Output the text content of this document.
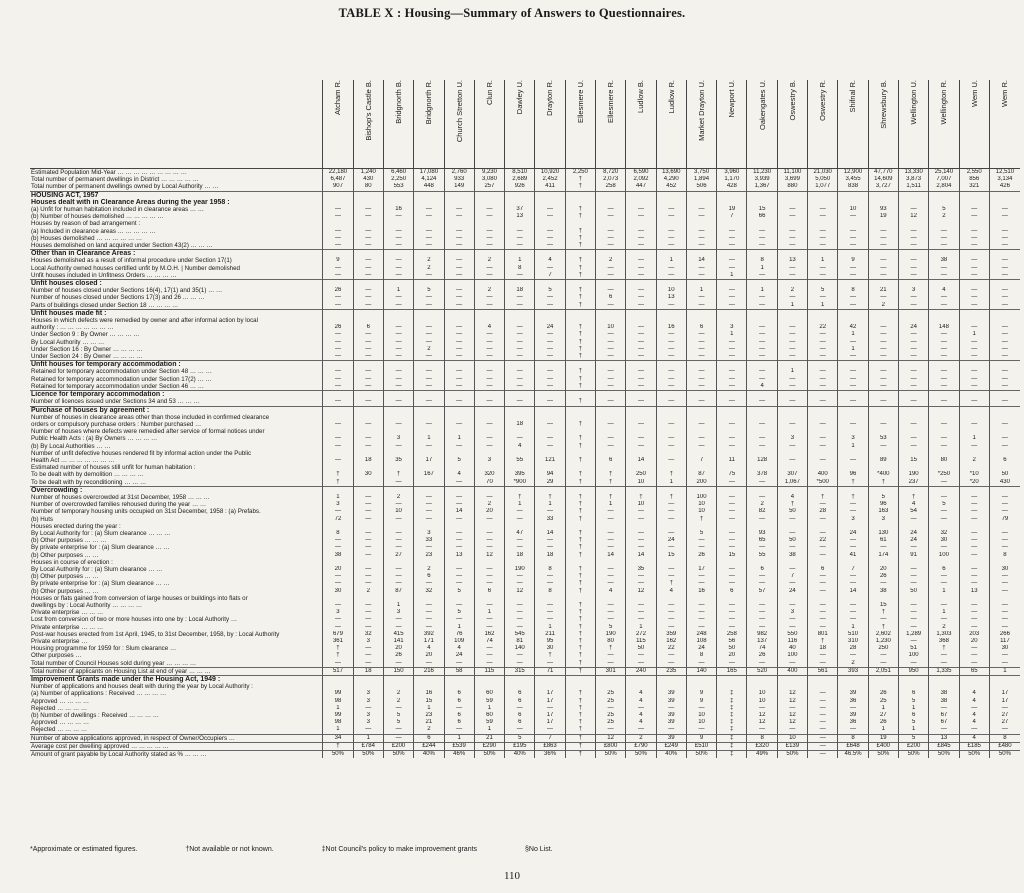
TABLE X : Housing—Summary of Answers to Questionnaires.
	Atcham R.	Bishop's Castle B.	Bridgnorth B.	Bridgnorth R.	Church Stretton U.	Clun R.	Dawley U.	Drayton R.	Ellesmere U.	Ellesmere R.	Ludlow B.	Ludlow R.	Market Drayton U.	Newport U.	Oakengates U.	Oswestry B.	Oswestry R.	Shifnal R.	Shrewsbury B.	Wellington U.	Wellington R.	Wem U.	Wem R.
Estimated Population Mid-Year … … … … … … … … …	22,180	1,240	6,460	17,080	2,760	9,230	8,510	10,920	2,250	8,720	6,590	13,690	3,750	3,960	11,230	11,100	21,030	12,900	47,770	13,330	25,140	2,550	12,510
Total number of permanent dwellings in District … … … … …	6,487	430	2,250	4,124	933	3,080	2,689	2,452	†	2,073	2,092	4,290	1,894	1,170	3,939	3,699	5,050	3,455	14,609	3,873	7,007	856	3,134
Total number of permanent dwellings owned by Local Authority … …	907	80	553	448	149	257	926	411	†	258	447	452	506	428	1,367	880	1,077	838	3,727	1,511	2,804	321	426
HOUSING ACT, 1957																							
Houses dealt with in Clearance Areas during the year 1958 :																							
(a) Unfit for human habitation included in clearance areas … …	—	—	16	—	—	—	37	—	†	—	—	—	—	19	15	—	—	10	93	—	5	—	—
(b) Number of houses demolished … … … … …	—	—	—	—	—	—	13	—	†	—	—	—	—	7	66	—	—	—	19	12	2	—	—
Houses by reason of bad arrangement :																							
(a) Included in clearance areas … … … … …	—	—	—	—	—	—	—	—	†	—	—	—	—	—	—	—	—	—	—	—	—	—	—
(b) Houses demolished … … … … … …	—	—	—	—	—	—	—	—	†	—	—	—	—	—	—	—	—	—	—	—	—	—	—
Houses demolished on land acquired under Section 43(2) … … …	—	—	—	—	—	—	—	—	†	—	—	—	—	—	—	—	—	—	—	—	—	—	—
Other than in Clearance Areas :																							
Houses demolished as a result of informal procedure under Section 17(1)	9	—	—	2	—	2	1	4	†	2	—	1	14	—	8	13	1	9	—	—	38	—	—
Local Authority owned houses certified unfit by M.O.H. | Number demolished	—	—	—	2	—	—	8	—	†	—	—	—	—	—	1	—	—	—	—	—	—	—	—
Unfit houses included in Unfitness Orders … … … …	—	—	—	—	—	—	—	7	†	—	—	—	—	1	—	—	—	—	—	—	—	—	—
Unfit houses closed :																							
Number of houses closed under Sections 16(4), 17(1) and 35(1) … …	26	—	1	5	—	2	18	5	†	—	—	10	1	—	1	2	5	8	21	3	4	—	—
Number of houses closed under Sections 17(3) and 26 … … …	—	—	—	—	—	—	—	—	†	6	—	13	—	—	—	—	—	—	—	—	—	—	—
Parts of buildings closed under Section 18 … … … …	—	—	—	—	—	—	—	—	†	—	—	—	—	—	—	1	1	—	2	—	—	—	—
Unfit houses made fit :																							
Houses in which defects were remedied by owner and after informal action by local																							
authority : … … … … … … …	26	6	—	—	—	4	—	24	†	10	—	16	6	3	—	—	22	42	—	24	148	—	—
Under Section 9 : By Owner … … … …	—	—	—	—	—	—	—	—	†	—	—	—	—	1	—	—	—	1	—	—	—	1	—
By Local Authority … … …	—	—	—	—	—	—	—	—	†	—	—	—	—	—	—	—	—	—	—	—	—	—	—
Under Section 16 : By Owner … … … …	—	—	—	2	—	—	—	—	†	—	—	—	—	—	—	—	—	1	—	—	—	—	—
Under Section 24 : By Owner … … … …	—	—	—	—	—	—	—	—	†	—	—	—	—	—	—	—	—	—	—	—	—	—	—
Unfit houses for temporary accommodation :																							
Retained for temporary accommodation under Section 48 … … …	—	—	—	—	—	—	—	—	†	—	—	—	—	—	—	1	—	—	—	—	—	—	—
Retained for temporary accommodation under Section 17(2) … …	—	—	—	—	—	—	—	—	†	—	—	—	—	—	—	—	—	—	—	—	—	—	—
Retained for temporary accommodation under Section 46 … …	—	—	—	—	—	—	—	—	†	—	—	—	—	—	4	—	—	—	—	—	—	—	—
Licence for temporary accommodation :																							
Number of licences issued under Sections 34 and 53 … … …	—	—	—	—	—	—	—	—	†	—	—	—	—	—	—	—	—	—	—	—	—	—	—
Purchase of houses by agreement :																							
Number of houses in clearance areas other than those included in confirmed clearance																							
orders or compulsory purchase orders : Number purchased …	—	—	—	—	—	—	18	—	†	—	—	—	—	—	—	—	—	—	—	—	—	—	—
Number of houses where defects were remedied after service of formal notices under																							
Public Health Acts : (a) By Owners … … … …	—	—	3	1	1	—	—	—	†	—	—	—	—	—	—	3	—	3	53	—	—	1	—
(b) By Local Authorities … …	—	—	—	—	—	—	4	—	†	—	—	—	—	—	—	—	—	1	—	—	—	—	—
Number of unfit defective houses rendered fit by informal action under the Public																							
Health Act … … … … … … …	—	18	35	17	5	3	55	121	†	6	14	—	7	11	128	—	—	—	89	15	80	2	6
Estimated number of houses still unfit for human habitation :																							
To be dealt with by demolition … … … …	†	30	†	167	4	320	395	94	†	†	250	†	87	75	378	307	400	96	*400	190	*250	*10	50
To be dealt with by reconditioning … … …	†		—		—	70	*900	29	†	†	10	1	200	—	—	1,067	*500	†	†	237	—	*20	430
Overcrowding :																							
Number of houses overcrowded at 31st December, 1958 … … …	1	—	2	—	—	—	†	†	†	†	†	†	100	—	—	4	†	†	5	†	—	—	—
Number of overcrowded families rehoused during the year … …	3	—	—	—	—	2	1	1	†	1	10	—	10	—	2	†	—	—	96	4	5	—	—
Number of temporary housing units occupied on 31st December, 1958 : (a) Prefabs.	—	—	10	—	14	20	—	—	†	—	—	—	10	—	82	50	28	—	163	54	—	—	—
(b) Huts	72	—	—	—	—	—	—	33	†	—	—	—	†	—	—	—	—	3	3	—	—	—	79
Houses erected during the year :																							
By Local Authority for : (a) Slum clearance … … …	8	—	—	3	—	—	47	14	†	—	—	—	5	—	93	—	—	24	130	24	32	—	—
(b) Other purposes … … …	—	—	—	33	—	—	—	—	†	—	—	24	—	—	65	50	22	—	61	24	30	—	—
By private enterprise for : (a) Slum clearance … …	—	—	—	—	—	—	—	—	†	—	—	—	—	—	—	—	—	—	—	—	—	—	—
(b) Other purposes … …	38	—	27	23	13	12	18	18	†	14	14	15	26	15	55	38	—	41	174	91	100	—	8
Houses in course of erection :																							
By Local Authority for : (a) Slum clearance … …	20	—	—	2	—	—	190	8	†	—	35	—	17	—	6	—	6	7	20	—	6	—	30
(b) Other purposes … …	—	—	—	6	—	—	—	—	†	—	—	—	—	—	—	7	—	—	26	—	—	—	—
By private enterprise for : (a) Slum clearance … …	—	—	—	—	—	—	—	—	†	—	—	†	—	—	—	—	—	—	—	—	—	—	—
(b) Other purposes … …	30	2	87	32	5	6	12	8	†	4	12	4	16	6	57	24	—	14	38	50	1	13	—
Houses or flats gained from conversion of large houses or buildings into flats or																							
dwellings by : Local Authority … … … …	—	—	1	—	—	—	—	—	†	—	—	—	—	—	—	—	—	—	15	—	—	—	—
Private enterprise … … …	3	—	3	—	5	1	—	—	†	—	—	—	—	—	—	3	—	—	†	—	1	—	—
Lost from conversion of two or more houses into one by : Local Authority …	—	—	—	—	—	—	—	—	†	—	—	—	—	—	—	—	—	—	—	—	—	—	—
Private enterprise … … …	—	—	—	—	1	—	—	1	†	5	1	—	—	—	—	—	—	1	†	—	2	—	—
Post-war houses erected from 1st April, 1945, to 31st December, 1958, by : Local Authority	679	32	415	392	76	162	545	211	†	190	272	359	248	258	982	550	801	510	2,602	1,289	1,303	203	266
Private enterprise …	361	3	141	171	109	74	81	95	†	80	115	162	108	56	137	116	†	310	1,230	—	368	20	117
Housing programme for 1959 for : Slum clearance …	†	—	20	4	4	—	140	30	†	†	50	22	24	50	74	40	18	28	250	51	†	—	30
Other purposes …	†	—	26	20	24	—	—	†	†	—	—	—	8	20	26	100	—	—	—	100	—	—	—
Total number of Council Houses sold during year … … … …	—	—	—	—	—	—	—	—	†	—	—	—	—	—	—	—	—	2	—	—	—	—	—
Total number of applicants on Housing List at end of year … … …	517	18	150	216	58	115	315	71	†	301	240	235	140	165	520	400	561	393	2,051	950	1,335	65	1
Improvement Grants made under the Housing Act, 1949 :																							
Number of applications and houses dealt with during the year by Local Authority :																							
(a) Number of applications : Received … … … …	99	3	2	16	6	60	6	17	†	25	4	39	9	‡	10	12	—	39	26	6	38	4	17
Approved … … … …	98	3	2	15	6	59	6	17	†	25	4	39	9	‡	10	12	—	36	25	5	38	4	17
Rejected … … … …	1	—	—	1	—	1	—	—	†	—	—	—	—	‡	—	—	—	—	1	1	—	—	—
(b) Number of dwellings : Received … … … …	99	3	5	23	6	60	6	17	†	25	4	39	10	‡	12	12	—	39	27	6	67	4	27
Approved … … … …	98	3	5	21	6	59	6	17	†	25	4	39	10	‡	12	12	—	36	26	5	67	4	27
Rejected … … … …	1	—	—	2	—	1	—	—	†	—	—	—	—	‡	—	—	—	—	1	1	—	—	—
Number of above applications approved, in respect of Owner/Occupiers …	34	1	—	6	1	21	5	7	†	12	2	39	9	‡	8	10	—	8	19	5	13	4	8
Average cost per dwelling approved … … … … …	†	£784	£200	£244	£539	£290	£195	£863	†	£800	£790	£249	£510	‡	£320	£139	—	£648	£400	£200	£845	£185	£480
Amount of grant payable by Local Authority stated as % … … …	50%	50%	50%	40%	46%	50%	40%	36%	†	50%	50%	40%	50%	‡	49%	50%	—	46.5%	50%	50%	50%	50%	50%
*Approximate or estimated figures.	†Not available or not known.	‡Not Council's policy to make improvement grants	§No List.
110
